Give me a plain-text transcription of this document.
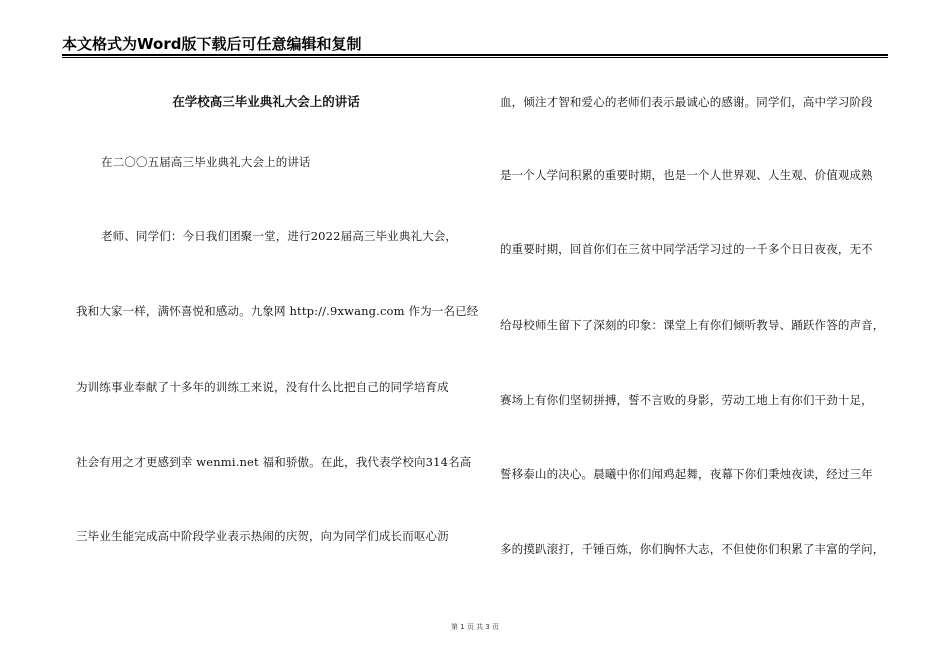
本文格式为Word版下载后可任意编辑和复制
在学校高三毕业典礼大会上的讲话
在二〇〇五届高三毕业典礼大会上的讲话
老师、同学们：今日我们团聚一堂，进行2022届高三毕业典礼大会，
我和大家一样，满怀喜悦和感动。九象网 http://.9xwang.com 作为一名已经
为训练事业奉献了十多年的训练工来说，没有什么比把自己的同学培育成
社会有用之才更感到幸 wenmi.net 福和骄傲。在此，我代表学校向314名高
三毕业生能完成高中阶段学业表示热闹的庆贺，向为同学们成长而呕心沥
血，倾注才智和爱心的老师们表示最诚心的感谢。同学们，高中学习阶段
是一个人学问积累的重要时期，也是一个人世界观、人生观、价值观成熟
的重要时期，回首你们在三贫中同学活学习过的一千多个日日夜夜，无不
给母校师生留下了深刻的印象：课堂上有你们倾听教导、踊跃作答的声音，
赛场上有你们坚韧拼搏，誓不言败的身影，劳动工地上有你们干劲十足，
誓移泰山的决心。晨曦中你们闻鸡起舞，夜幕下你们秉烛夜读，经过三年
多的摸趴滚打，千锤百炼，你们胸怀大志，不但使你们积累了丰富的学问，
第 1 页 共 3 页
